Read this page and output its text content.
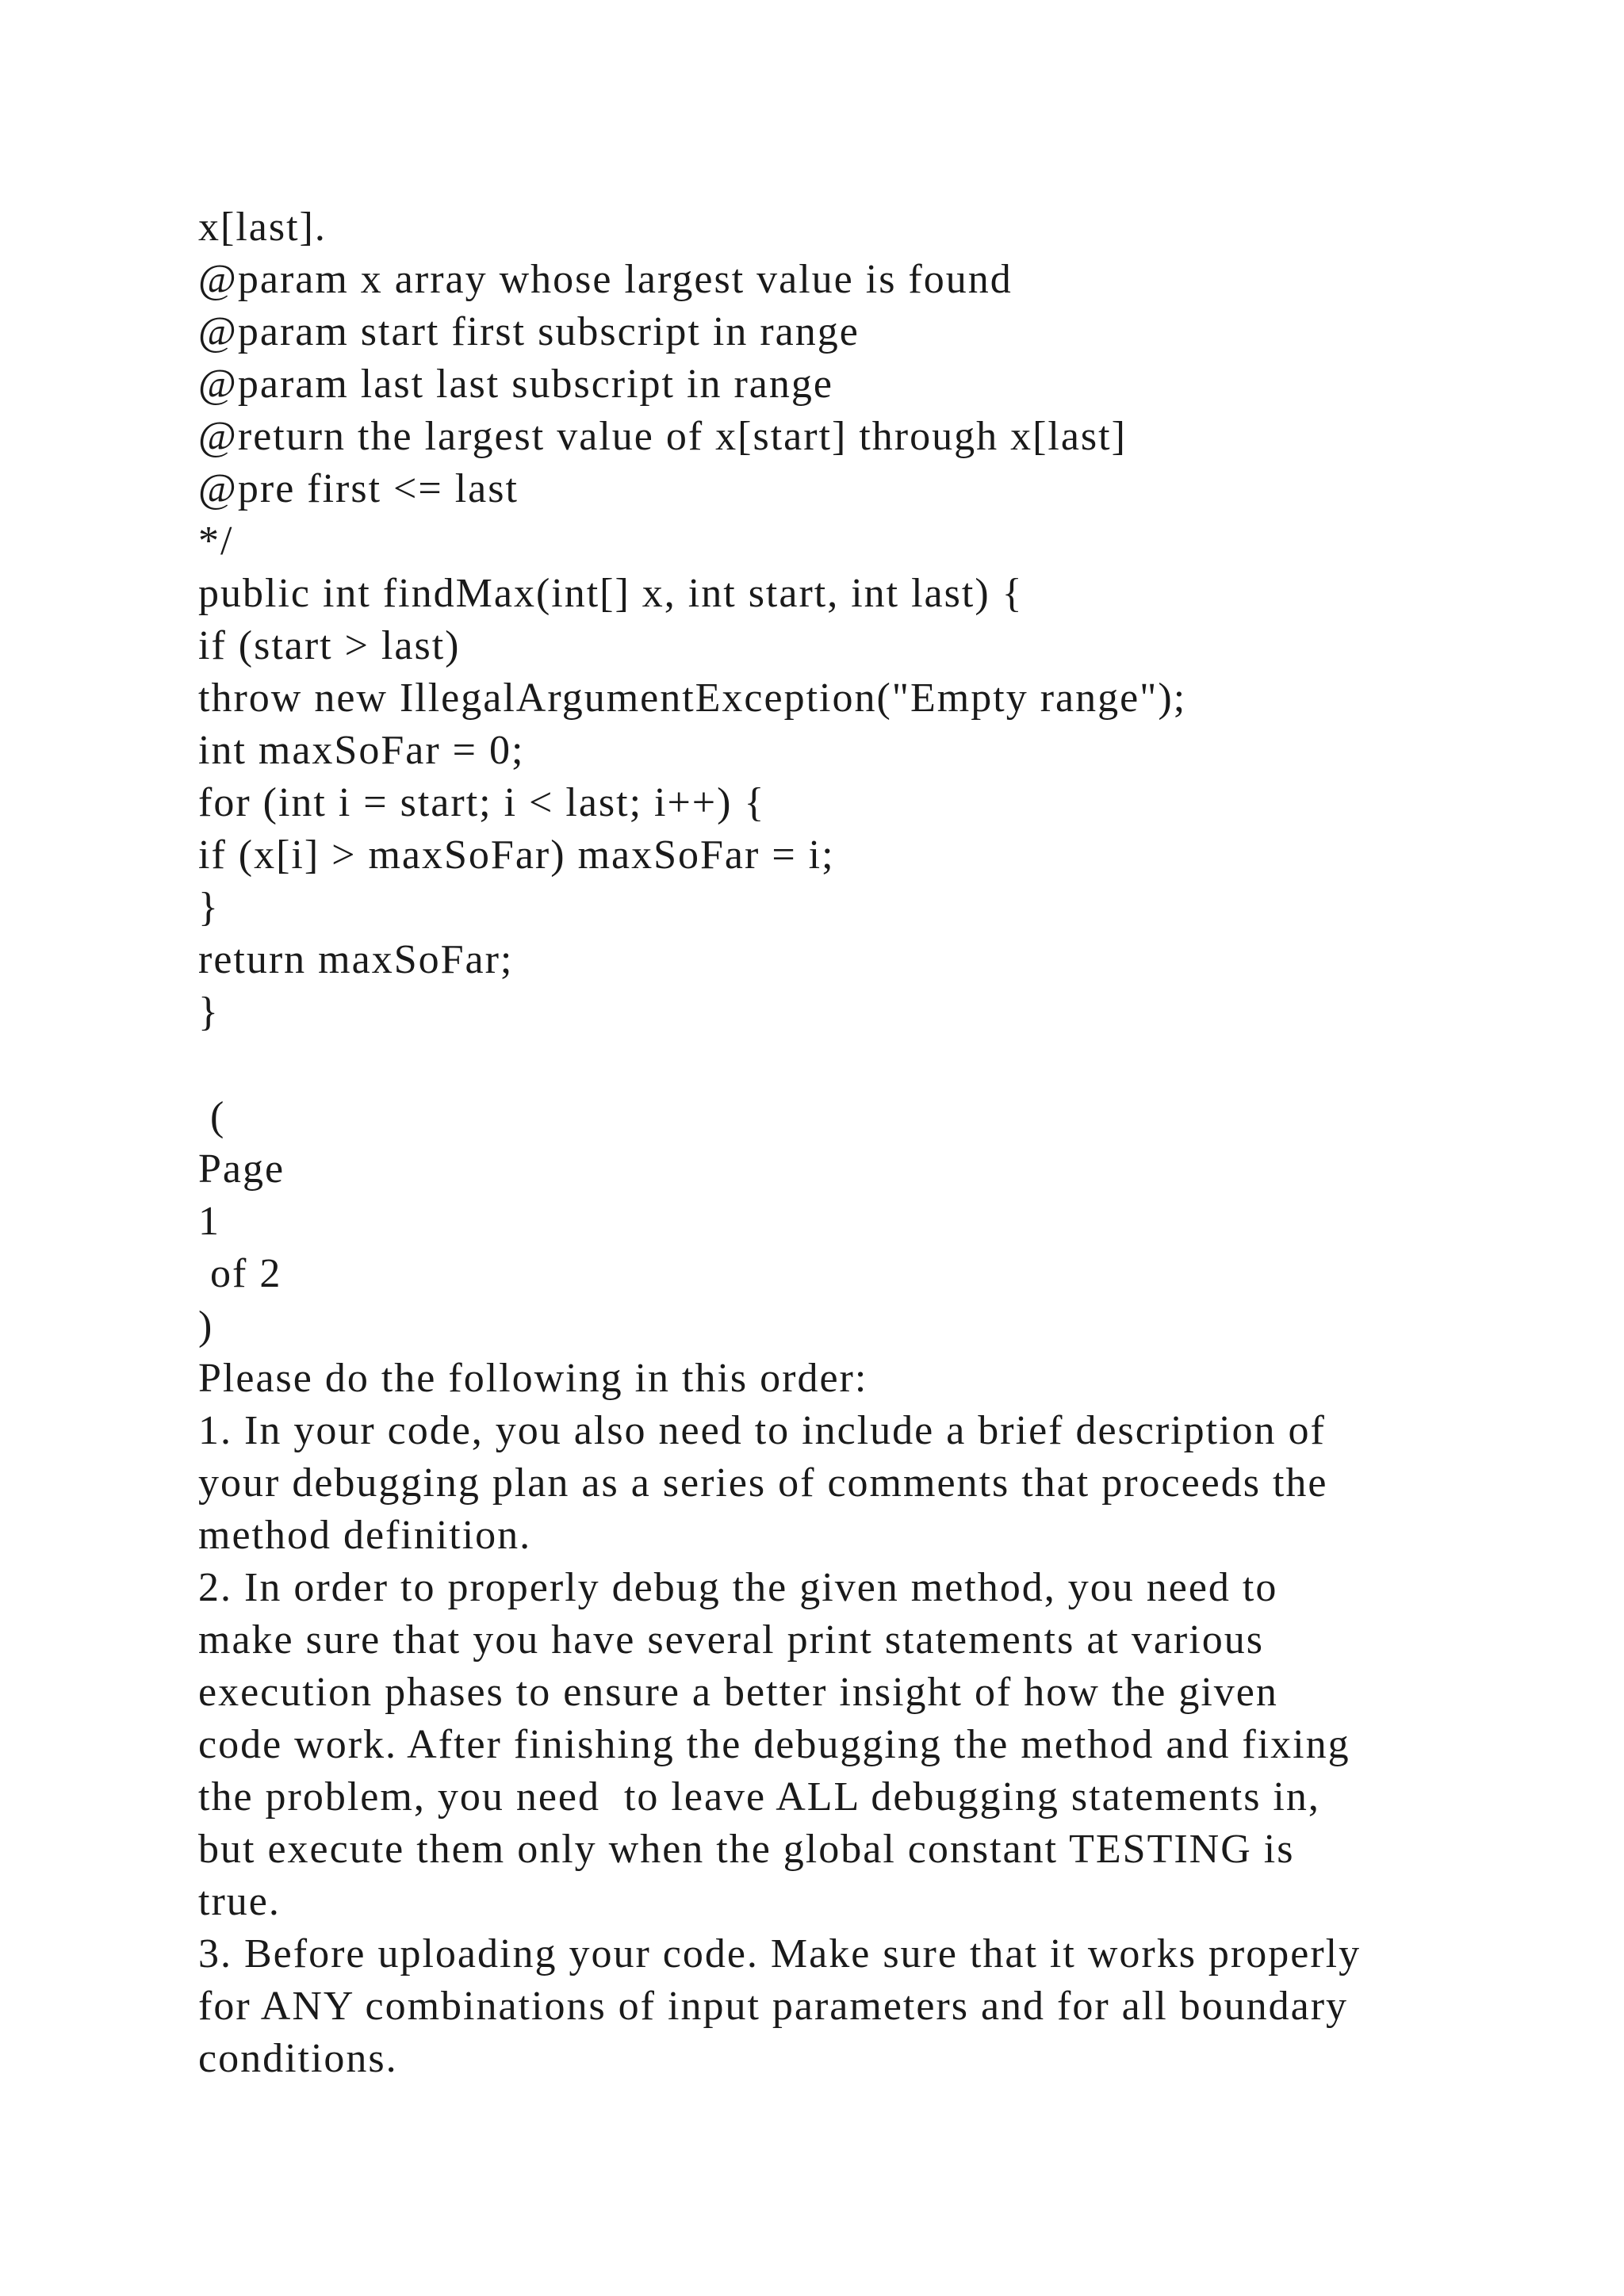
x[last].
@param x array whose largest value is found
@param start first subscript in range
@param last last subscript in range
@return the largest value of x[start] through x[last]
@pre first <= last
*/
public int findMax(int[] x, int start, int last) {
if (start > last)
throw new IllegalArgumentException("Empty range");
int maxSoFar = 0;
for (int i = start; i < last; i++) {
if (x[i] > maxSoFar) maxSoFar = i;
}
return maxSoFar;
}
(
Page
1
of 2
)
Please do the following in this order:
1. In your code, you also need to include a brief description of
your debugging plan as a series of comments that proceeds the
method definition.
2. In order to properly debug the given method, you need to
make sure that you have several print statements at various
execution phases to ensure a better insight of how the given
code work. After finishing the debugging the method and fixing
the problem, you need  to leave ALL debugging statements in,
but execute them only when the global constant TESTING is
true.
3. Before uploading your code. Make sure that it works properly
for ANY combinations of input parameters and for all boundary
conditions.
